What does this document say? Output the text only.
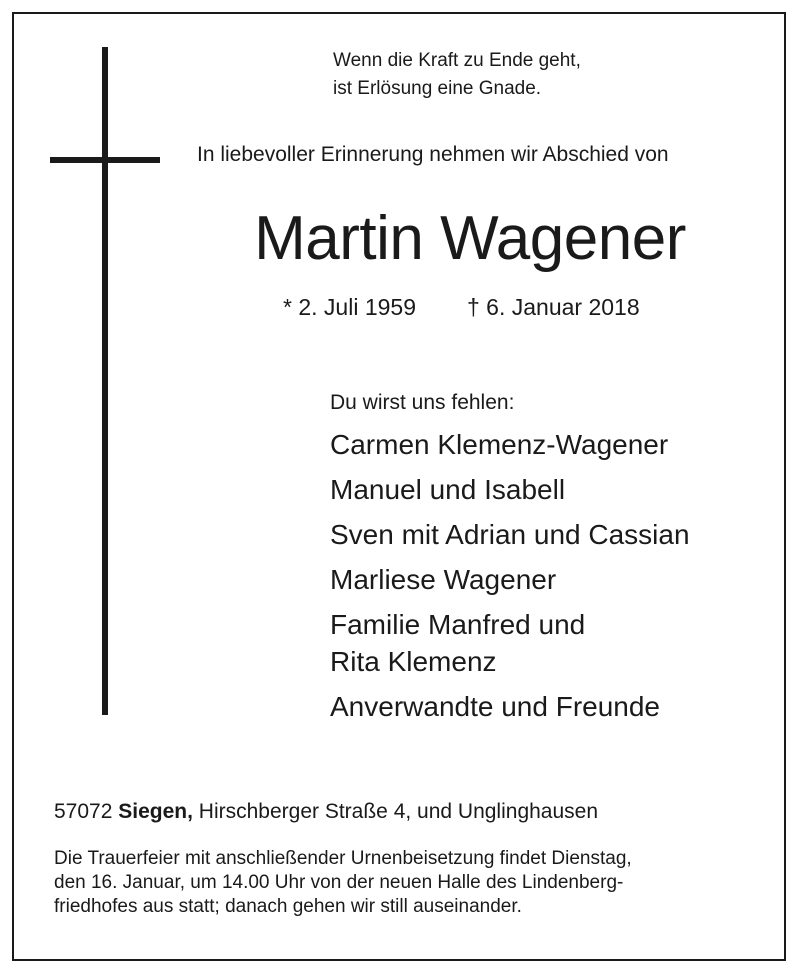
Wenn die Kraft zu Ende geht,
ist Erlösung eine Gnade.
In liebevoller Erinnerung nehmen wir Abschied von
Martin Wagener
* 2. Juli 1959 † 6. Januar 2018
Du wirst uns fehlen:
Carmen Klemenz-Wagener
Manuel und Isabell
Sven mit Adrian und Cassian
Marliese Wagener
Familie Manfred und
Rita Klemenz
Anverwandte und Freunde
57072 Siegen, Hirschberger Straße 4, und Unglinghausen
Die Trauerfeier mit anschließender Urnenbeisetzung findet Dienstag,
den 16. Januar, um 14.00 Uhr von der neuen Halle des Lindenberg-
friedhofes aus statt; danach gehen wir still auseinander.
